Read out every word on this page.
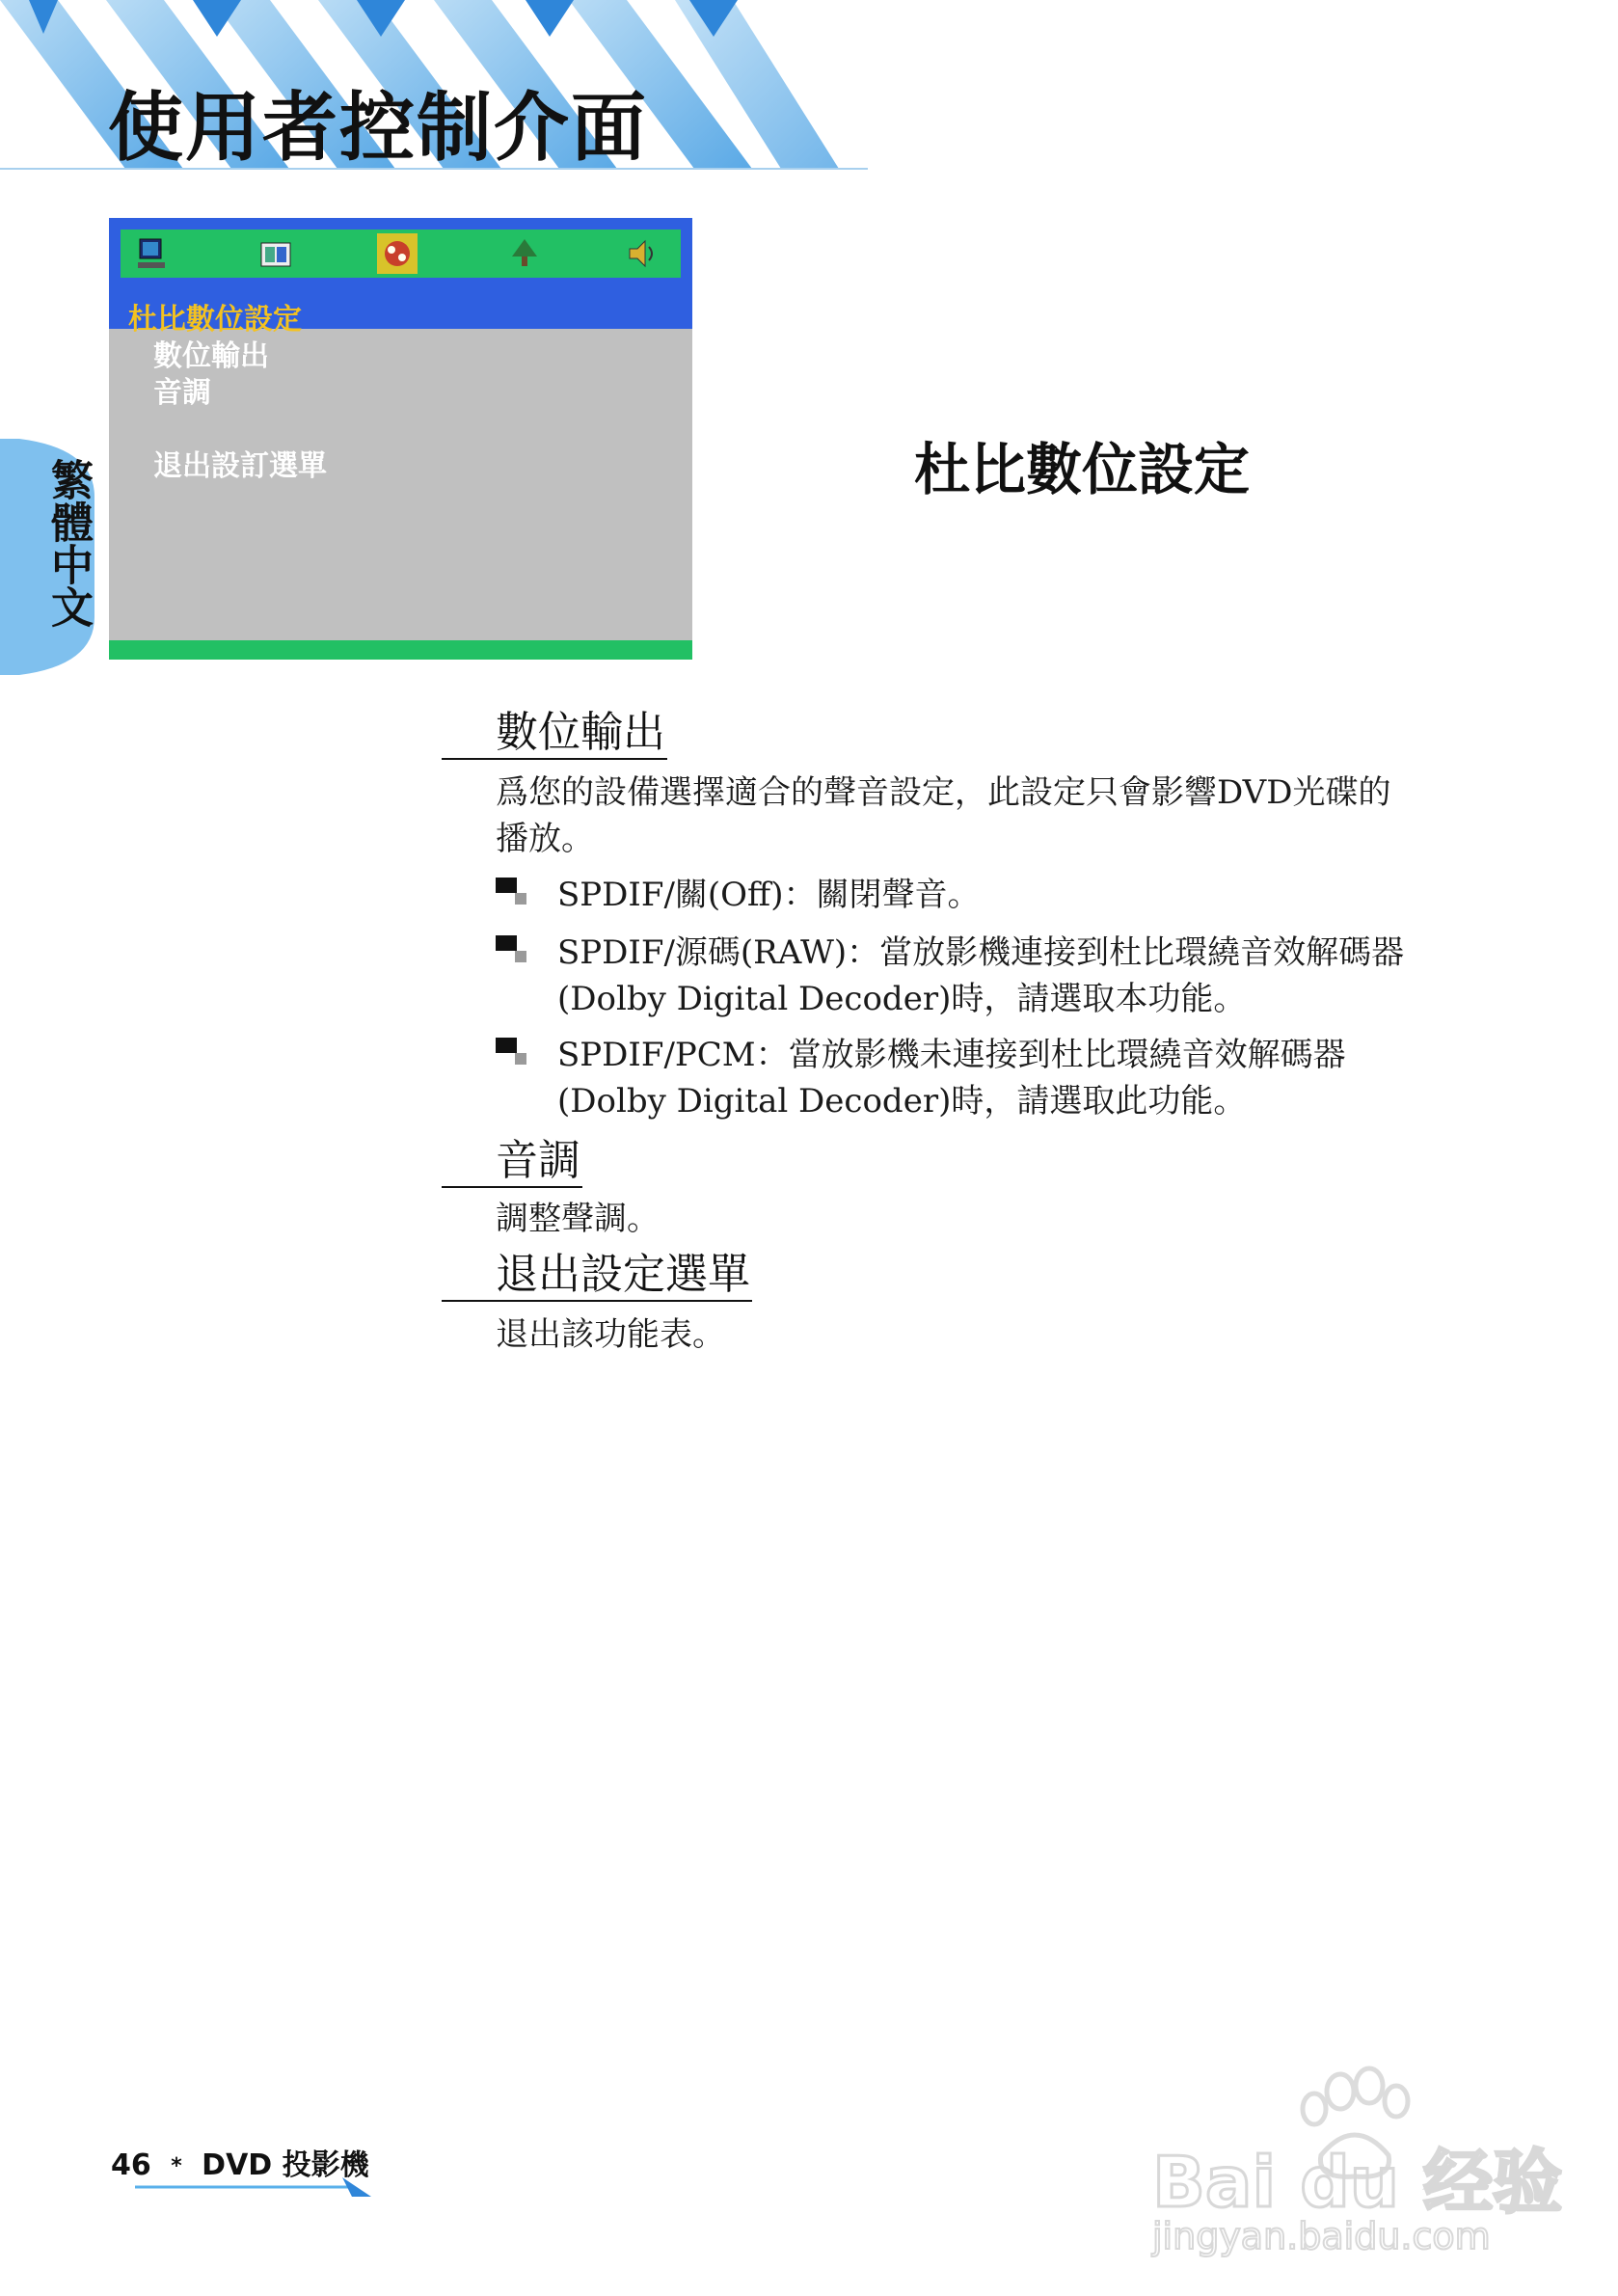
使用者控制介面
繁體中文
杜比數位設定
數位輸出
音調
退出設訂選單	杜比數位設定
數位輸出
爲您的設備選擇適合的聲音設定，此設定只會影響DVD光碟的
播放。
SPDIF/關(Off)：關閉聲音。
SPDIF/源碼(RAW)：當放影機連接到杜比環繞音效解碼器
(Dolby Digital Decoder)時，請選取本功能。
SPDIF/PCM：當放影機未連接到杜比環繞音效解碼器
(Dolby Digital Decoder)時，請選取此功能。
音調
調整聲調。
退出設定選單
退出該功能表。
46 * DVD 投影機	Bai du 经验
jingyan.baidu.com
